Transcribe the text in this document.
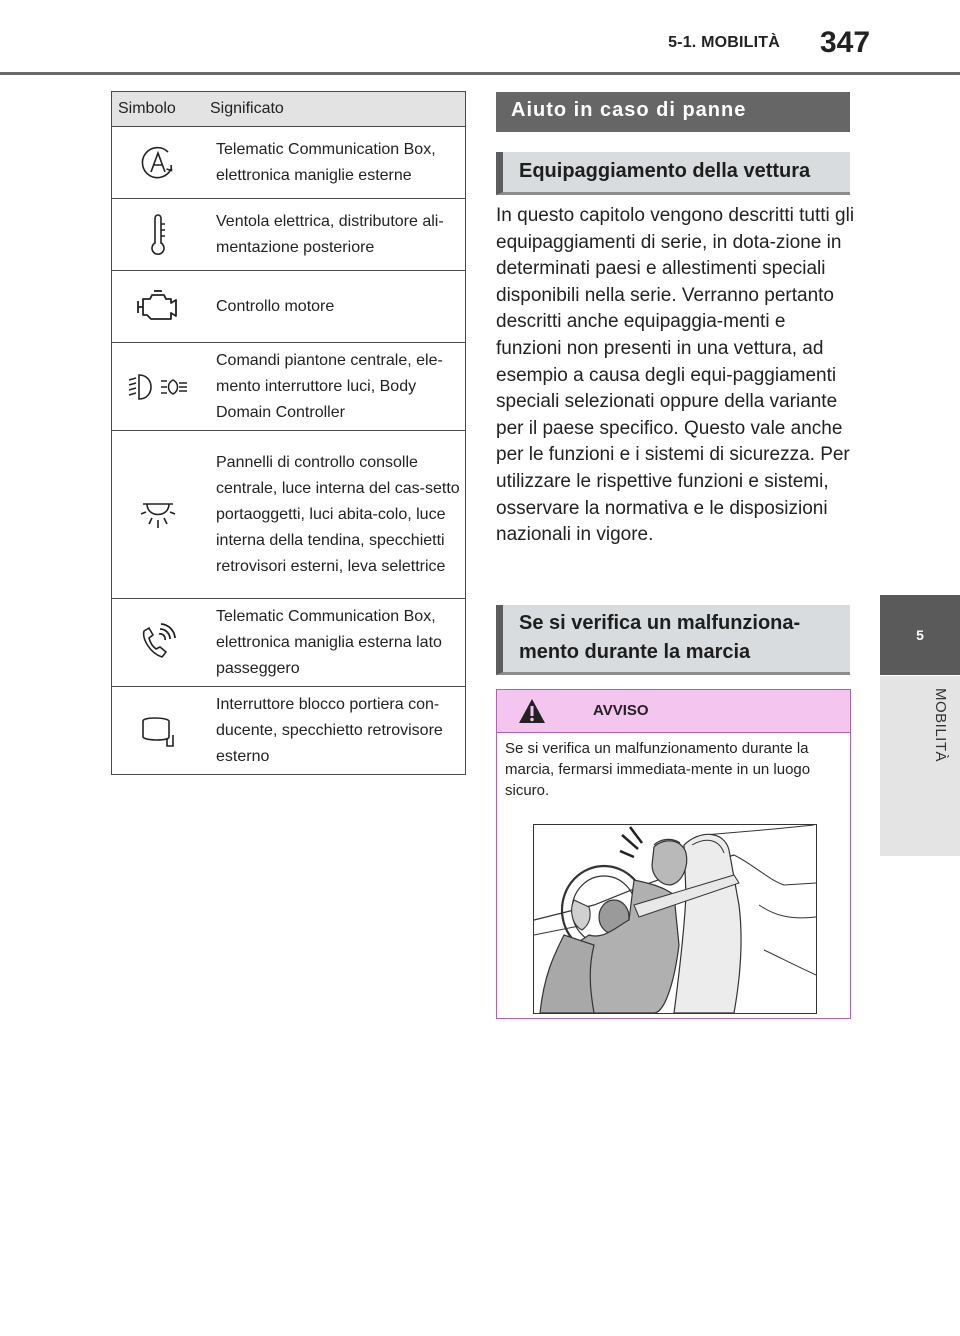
5-1. MOBILITÀ 347
5
MOBILITÀ
Simbolo	Significato
	Telematic Communication Box, elettronica maniglie esterne
	Ventola elettrica, distributore ali-mentazione posteriore
	Controllo motore
	Comandi piantone centrale, ele-mento interruttore luci, Body Domain Controller
	Pannelli di controllo consolle centrale, luce interna del cas-setto portaoggetti, luci abita-colo, luce interna della tendina, specchietti retrovisori esterni, leva selettrice
	Telematic Communication Box, elettronica maniglia esterna lato passeggero
	Interruttore blocco portiera con-ducente, specchietto retrovisore esterno
Aiuto in caso di panne
Equipaggiamento della vettura
In questo capitolo vengono descritti tutti gli equipaggiamenti di serie, in dota-zione in determinati paesi e allestimenti speciali disponibili nella serie. Verranno pertanto descritti anche equipaggia-menti e funzioni non presenti in una vettura, ad esempio a causa degli equi-paggiamenti speciali selezionati oppure della variante per il paese specifico. Questo vale anche per le funzioni e i sistemi di sicurezza. Per utilizzare le rispettive funzioni e sistemi, osservare la normativa e le disposizioni nazionali in vigore.
Se si verifica un malfunziona-mento durante la marcia
AVVISO
Se si verifica un malfunzionamento durante la marcia, fermarsi immediata-mente in un luogo sicuro.
